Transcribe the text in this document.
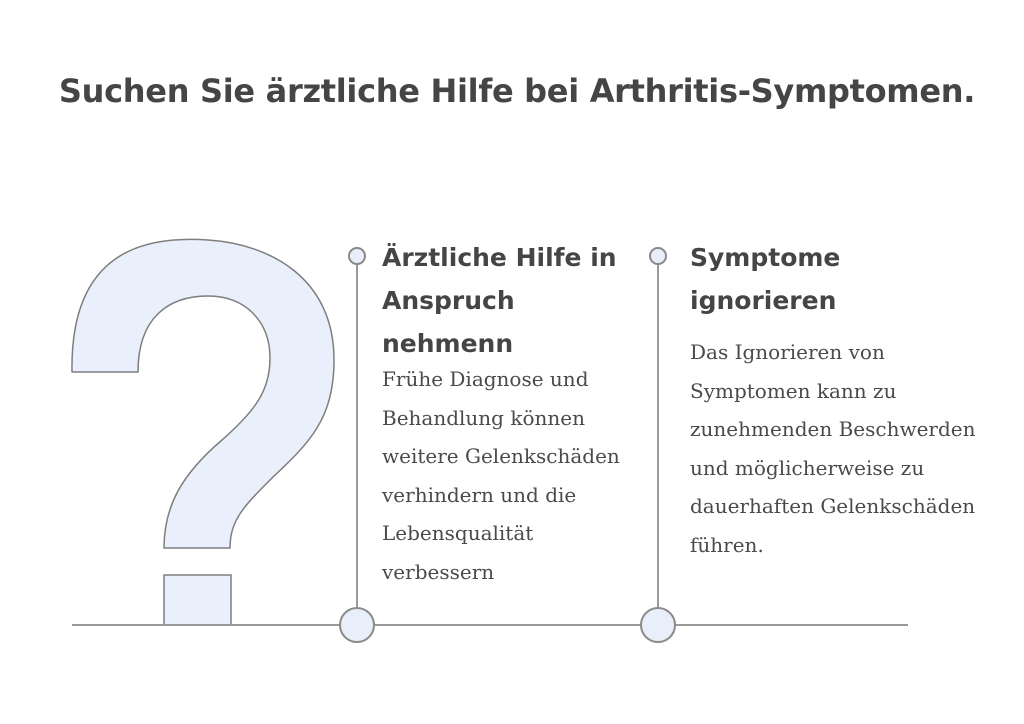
Suchen Sie ärztliche Hilfe bei Arthritis-Symptomen.
Ärztliche Hilfe in
Anspruch
nehmenn

Frühe Diagnose und
Behandlung können
weitere Gelenkschäden
verhindern und die
Lebensqualität
verbessern

Symptome
ignorieren

Das Ignorieren von
Symptomen kann zu
zunehmenden Beschwerden
und möglicherweise zu
dauerhaften Gelenkschäden
führen.
